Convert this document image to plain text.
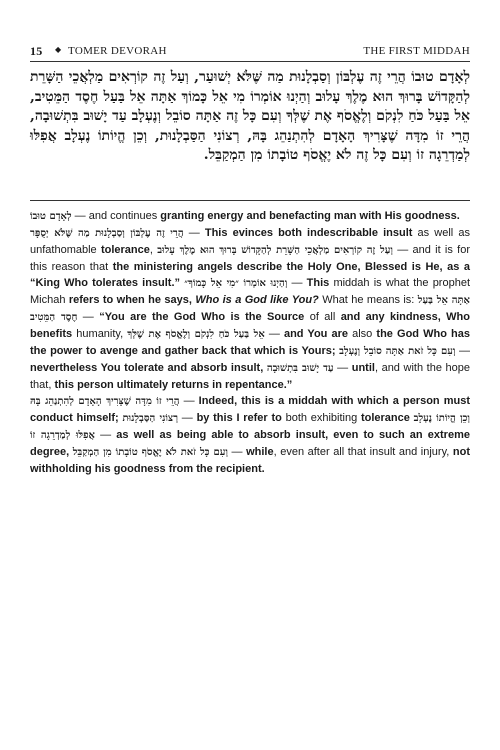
15 ◆ TOMER DEVORAH	THE FIRST MIDDAH
לְאָדָם טוּבוֹ הֲרֵי זֶה עֶלְבּוֹן וְסַבְלָנוּת מַה שֶּׁלֹּא יְשׁוּעַר, וְעַל זֶה קוֹרְאִים מַלְאֲכֵי הַשָּׁרֵת לְהַקָּדוֹשׁ בָּרוּךְ הוּא מֶלֶךְ עָלוּב וְהַיְנוּ אוֹמְרוֹ מִי אֵל כָּמוֹךְ אַתָּה אֵל בַּעַל חֶסֶד הַמֵּטִיב, אֵל בַּעַל כֹּחַ לִנְקֹם וְלֶאֱסֹף אֶת שֶׁלְּךָ וְעִם כָּל זֶה אַתָּה סוֹבֵל וְנֶעְלָב עַד יָשׁוּב בִּתְשׁוּבָה, הֲרֵי זוֹ מִדָּה שֶׁצָּרִיךְ הָאָדָם לְהִתְנַהֵג בָּהּ, רְצוֹנִי הַסַּבְלָנוּת, וְכֵן הֱיוֹתוֹ נֶעְלָב אֲפִלּוּ לְמַדְרֵגָה זוֹ וְעִם כָּל זֶה לֹא יֶאֱסֹף טוֹבָתוֹ מִן הַמְקַבֵּל.

לְאָדָם טוּבוֹ — and continues granting energy and benefacting man with His goodness.

הֲרֵי זֶה עֶלְבּוֹן וְסַבְלָנוּת מַה שֶּׁלֹּא יְסֻפָּר — This evinces both indescribable insult as well as unfathomable tolerance, וְעַל זֶה קוֹרְאִים מַלְאֲכֵי הַשָּׁרֵת לְהַקָּדוֹשׁ בָּרוּךְ הוּא מֶלֶךְ עָלוּב — and it is for this reason that the ministering angels describe the Holy One, Blessed is He, as a “King Who tolerates insult.” וְהַיְנוּ אוֹמְרוֹ ״מִי אֵל כָּמוֹךָ״ — This middah is what the prophet Michah refers to when he says, Who is a God like You? What he means is: אַתָּה אֵל בַּעַל חֶסֶד הַמֵּטִיב — “You are the God Who is the Source of all and any kindness, Who benefits humanity, אֵל בַּעַל כֹּחַ לִנְקֹם וְלֶאֱסֹף אֶת שֶׁלְּךָ — and You are also the God Who has the power to avenge and gather back that which is Yours; וְעִם כָּל זֹאת אַתָּה סוֹבֵל וְנֶעְלָב — nevertheless You tolerate and absorb insult, עַד יָשׁוּב בִּתְשׁוּבָה — until, and with the hope that, this person ultimately returns in repentance.”

הֲרֵי זוֹ מִדָּה שֶׁצָּרִיךְ הָאָדָם לְהִתְנַהֵג בָּהּ — Indeed, this is a middah with which a person must conduct himself; רְצוֹנִי הַסַּבְלָנוּת — by this I refer to both exhibiting tolerance וְכֵן הֱיוֹתוֹ נֶעְלָב אֲפִלּוּ לְמַדְרֵגָה זוֹ — as well as being able to absorb insult, even to such an extreme degree, וְעִם כָּל זֹאת לֹא יֶאֱסֹף טוֹבָתוֹ מִן הַמְקַבֵּל — while, even after all that insult and injury, not withholding his goodness from the recipient.
